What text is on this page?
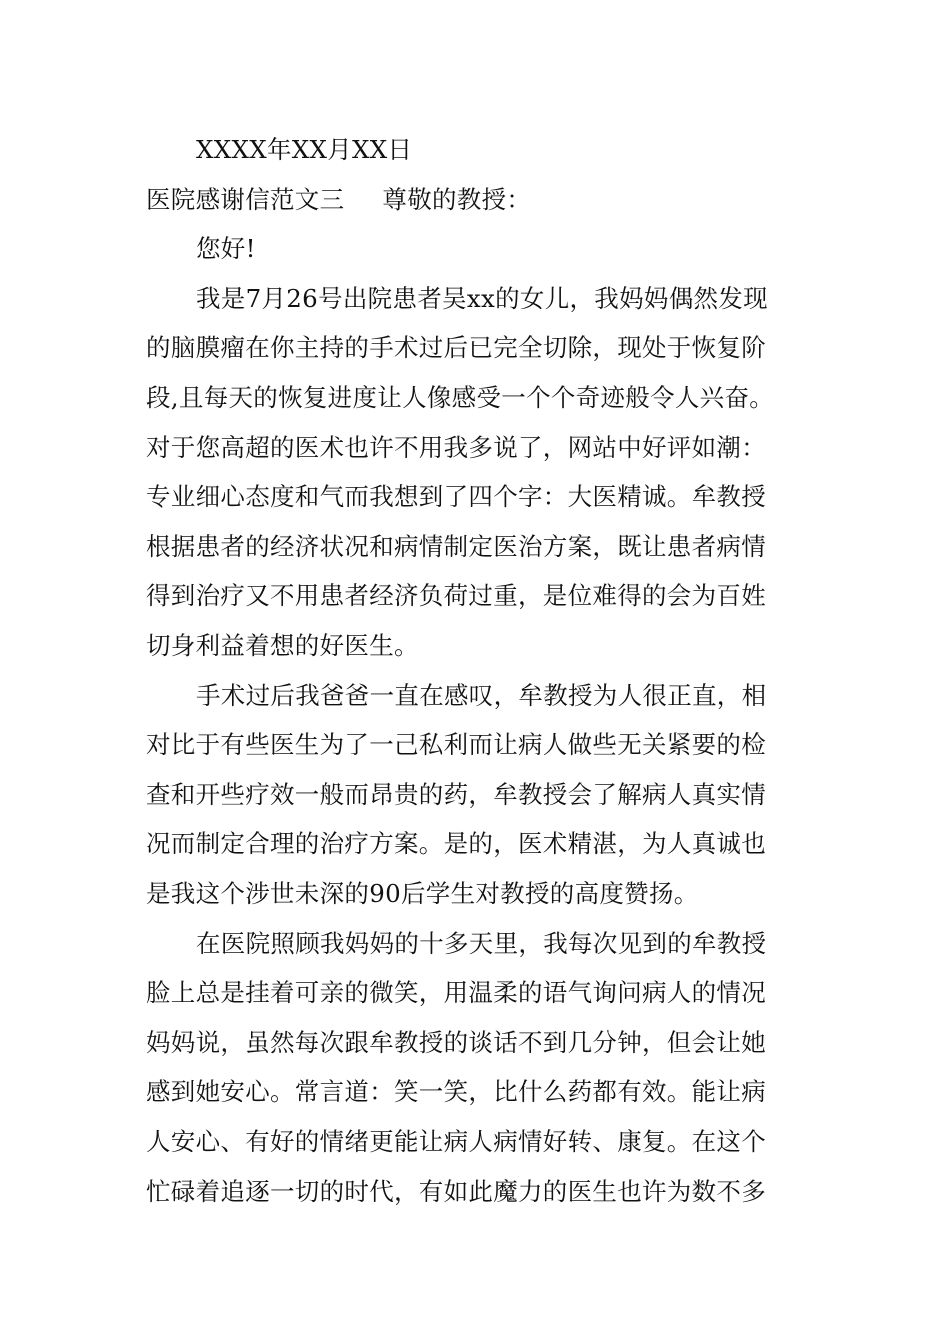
XXXX年XX月XX日
医院感谢信范文三 尊敬的教授：
您好!
我是7月26号出院患者吴xx的女儿，我妈妈偶然发现
的脑膜瘤在你主持的手术过后已完全切除，现处于恢复阶
段,且每天的恢复进度让人像感受一个个奇迹般令人兴奋。
对于您高超的医术也许不用我多说了，网站中好评如潮：
专业细心态度和气而我想到了四个字：大医精诚。牟教授
根据患者的经济状况和病情制定医治方案，既让患者病情
得到治疗又不用患者经济负荷过重，是位难得的会为百姓
切身利益着想的好医生。
手术过后我爸爸一直在感叹，牟教授为人很正直，相
对比于有些医生为了一己私利而让病人做些无关紧要的检
查和开些疗效一般而昂贵的药，牟教授会了解病人真实情
况而制定合理的治疗方案。是的，医术精湛，为人真诚也
是我这个涉世未深的90后学生对教授的高度赞扬。
在医院照顾我妈妈的十多天里，我每次见到的牟教授
脸上总是挂着可亲的微笑，用温柔的语气询问病人的情况
妈妈说，虽然每次跟牟教授的谈话不到几分钟，但会让她
感到她安心。常言道：笑一笑，比什么药都有效。能让病
人安心、有好的情绪更能让病人病情好转、康复。在这个
忙碌着追逐一切的时代，有如此魔力的医生也许为数不多
